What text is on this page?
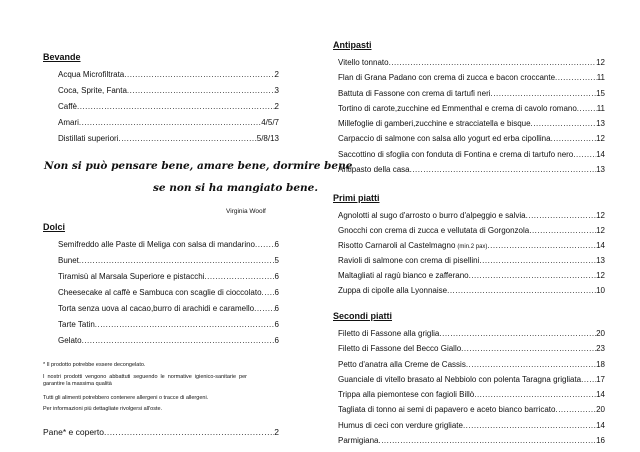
Bevande
Acqua Microfiltrata .....	2
Coca, Sprite, Fanta .....	3
Caffè .....	2
Amari .....	4/5/7
Distillati superiori .....	5/8/13
Non si può pensare bene, amare bene, dormire bene
se non si ha mangiato bene.
Virginia Woolf
Dolci
Semifreddo alle Paste di Meliga con salsa di mandarino ..... 6
Bunet .....	5
Tiramisù al Marsala Superiore e pistacchi .....	6
Cheesecake al caffè e Sambuca con scaglie di cioccolato ..... 6
Torta senza uova al cacao,burro di arachidi e caramello .....	6
Tarte Tatin .....	6
Gelato .....	6
* Il prodotto potrebbe essere decongelato.
I nostri prodotti vengono abbattuti seguendo le normative igienico-sanitarie per garantire la massima qualità
Tutti gli alimenti potrebbero contenere allergeni o tracce di allergeni.
Per informazioni più dettagliate rivolgersi all'oste.
Pane* e coperto .....	2
Antipasti
Vitello tonnato .....	12
Flan di Grana Padano con crema di zucca e bacon croccante .....	11
Battuta di Fassone con crema di tartufi neri .....	15
Tortino di carote,zucchine ed Emmenthal e crema di cavolo romano ..... 11
Millefoglie di gamberi,zucchine e stracciatella e bisque .....	13
Carpaccio di salmone con salsa allo yogurt ed erba cipollina .....	12
Saccottino di sfoglia con fonduta di Fontina e crema di tartufo nero .....	14
Antipasto della casa .....	13
Primi piatti
Agnolotti al sugo d'arrosto o burro d'alpeggio e salvia .....	12
Gnocchi con crema di zucca e vellutata di Gorgonzola .....	12
Risotto Carnaroli al Castelmagno (min.2 pax) .....	14
Ravioli di salmone con crema di pisellini .....	13
Maltagliati al ragù bianco e zafferano .....	12
Zuppa di cipolle alla Lyonnaise .....	10
Secondi piatti
Filetto di Fassone alla griglia .....	20
Filetto di Fassone del Becco Giallo .....	23
Petto d'anatra alla Creme de Cassis .....	18
Guanciale di vitello brasato al Nebbiolo con polenta Taragna grigliata ..... 17
Trippa alla piemontese con fagioli Billò .....	14
Tagliata di tonno ai semi di papavero e aceto bianco barricato .....	20
Humus di ceci con verdure grigliate .....	14
Parmigiana .....	16
